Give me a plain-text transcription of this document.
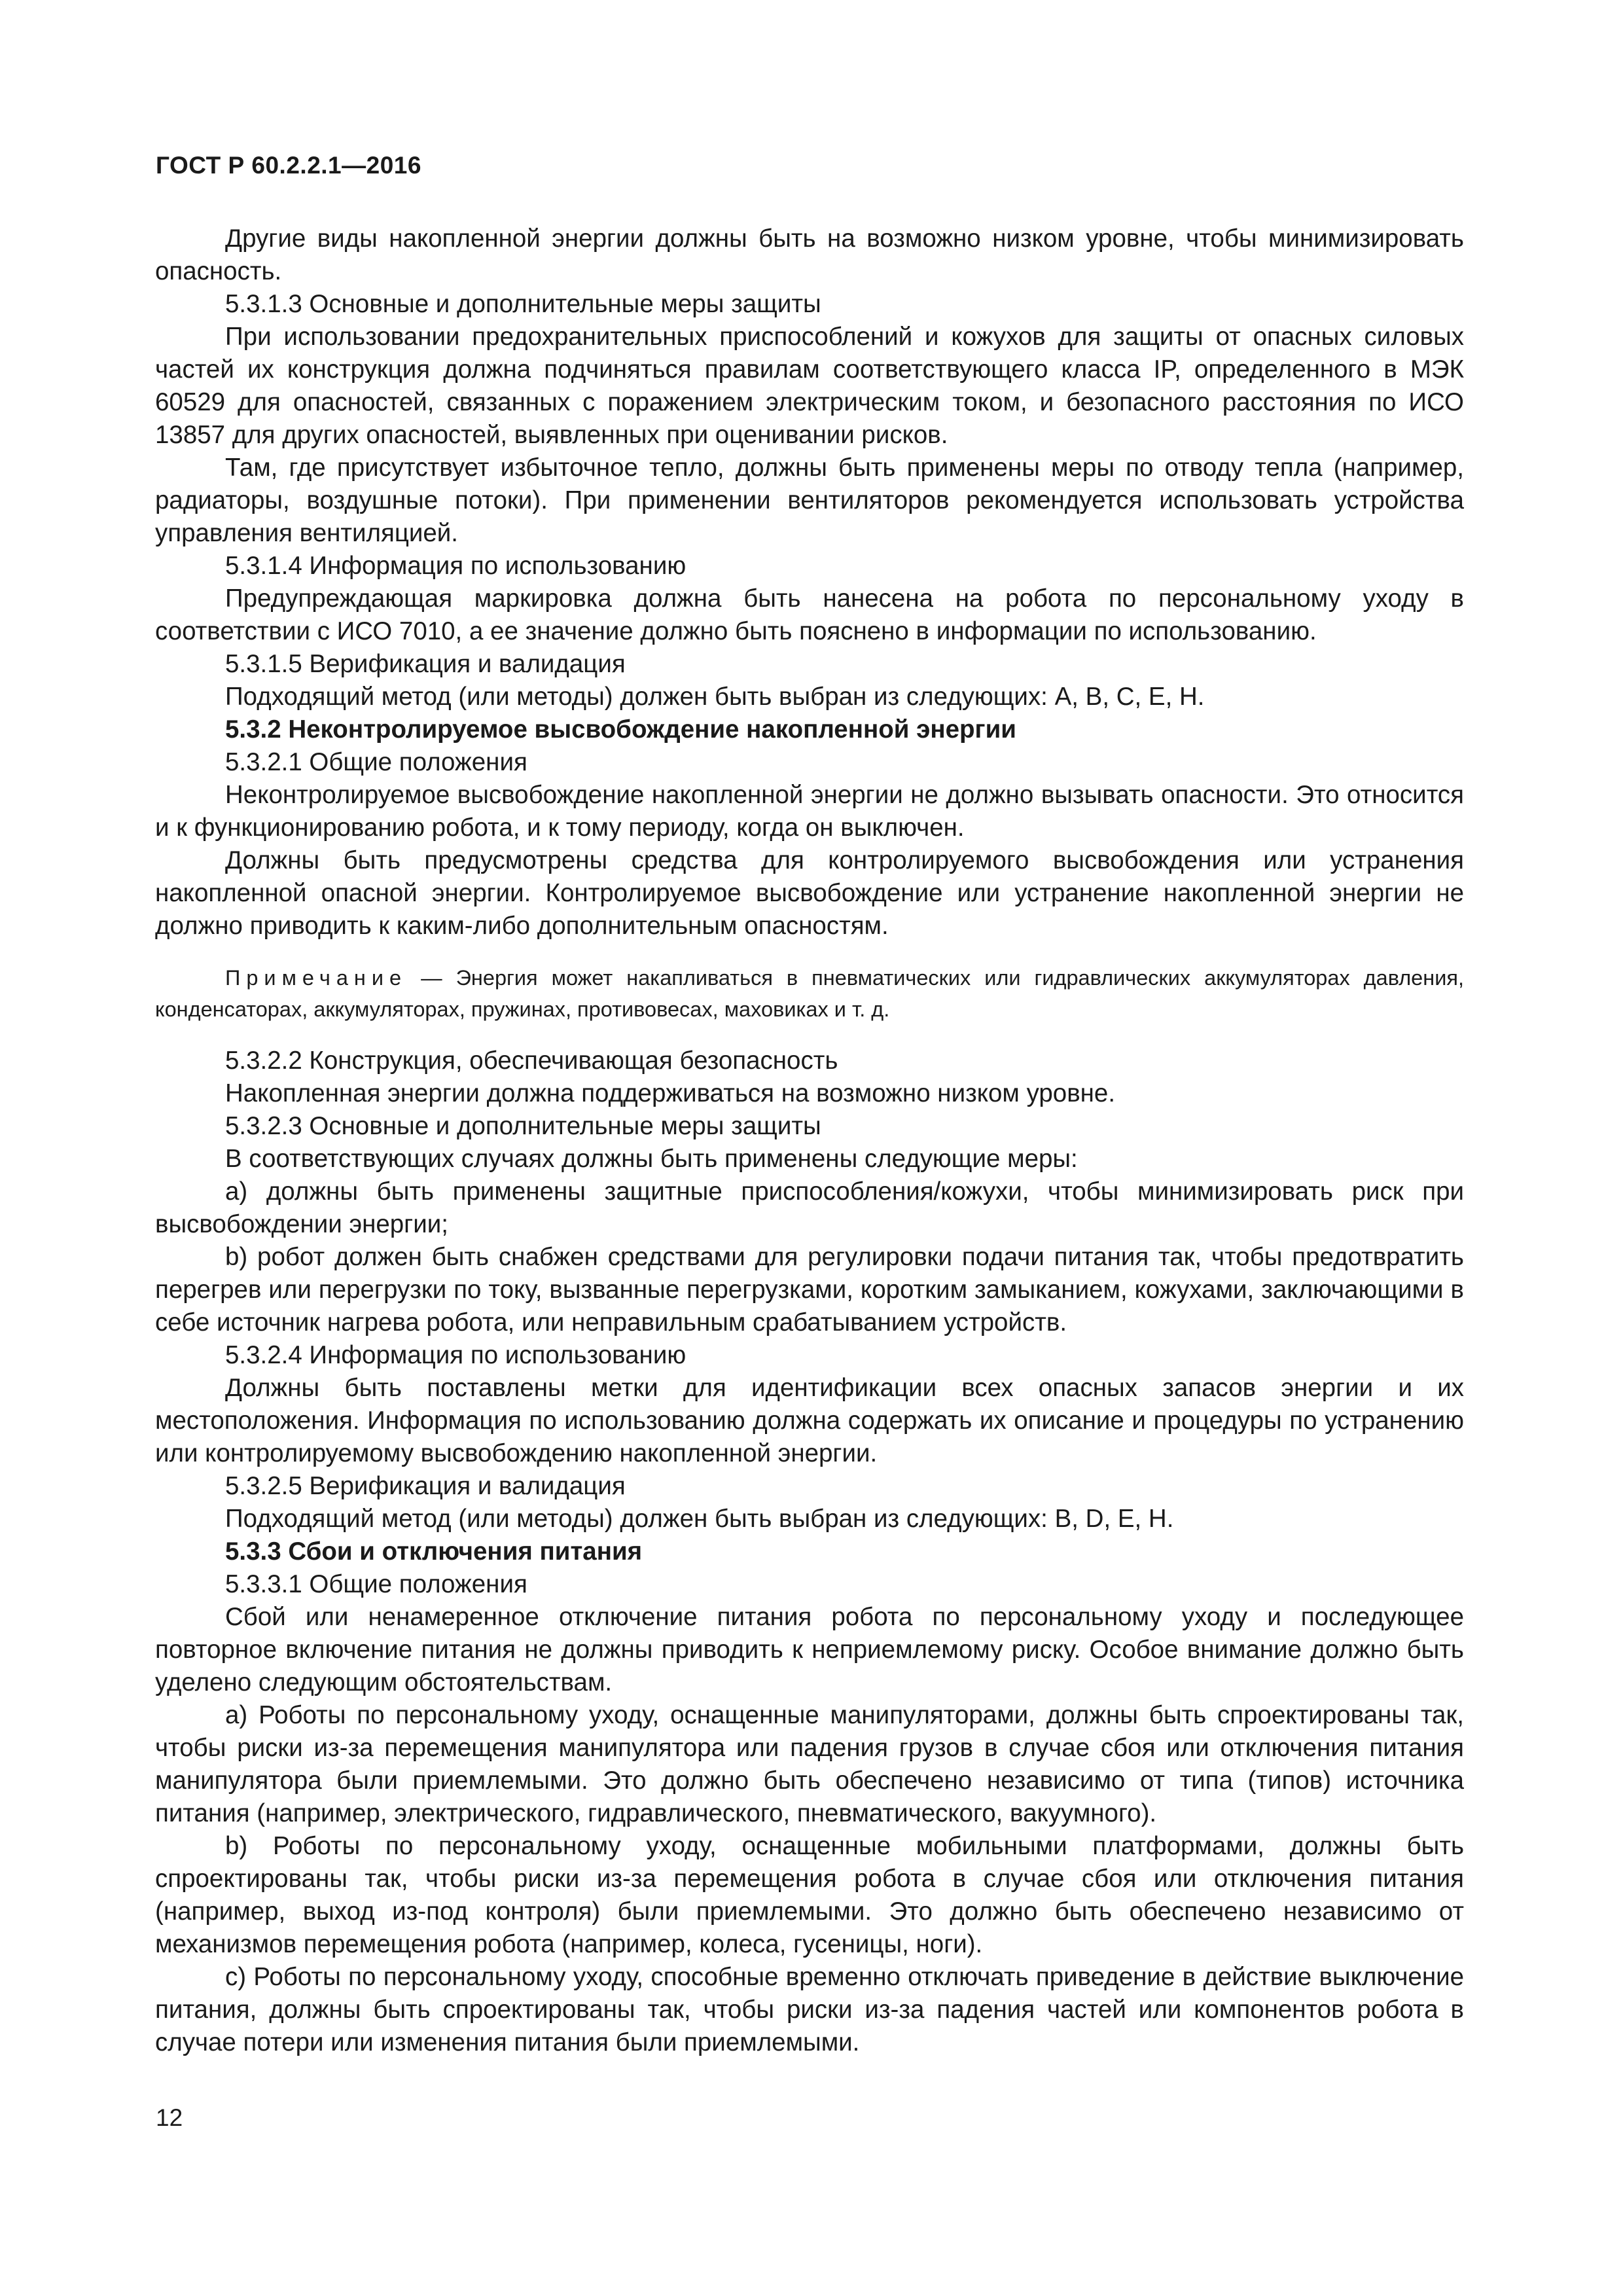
ГОСТ Р 60.2.2.1—2016

Другие виды накопленной энергии должны быть на возможно низком уровне, чтобы минимизировать опасность.

5.3.1.3 Основные и дополнительные меры защиты

При использовании предохранительных приспособлений и кожухов для защиты от опасных силовых частей их конструкция должна подчиняться правилам соответствующего класса IP, определенного в МЭК 60529 для опасностей, связанных с поражением электрическим током, и безопасного расстояния по ИСО 13857 для других опасностей, выявленных при оценивании рисков.

Там, где присутствует избыточное тепло, должны быть применены меры по отводу тепла (например, радиаторы, воздушные потоки). При применении вентиляторов рекомендуется использовать устройства управления вентиляцией.

5.3.1.4 Информация по использованию

Предупреждающая маркировка должна быть нанесена на робота по персональному уходу в соответствии с ИСО 7010, а ее значение должно быть пояснено в информации по использованию.

5.3.1.5 Верификация и валидация

Подходящий метод (или методы) должен быть выбран из следующих: A, B, C, E, H.

5.3.2 Неконтролируемое высвобождение накопленной энергии

5.3.2.1 Общие положения

Неконтролируемое высвобождение накопленной энергии не должно вызывать опасности. Это относится и к функционированию робота, и к тому периоду, когда он выключен.

Должны быть предусмотрены средства для контролируемого высвобождения или устранения накопленной опасной энергии. Контролируемое высвобождение или устранение накопленной энергии не должно приводить к каким-либо дополнительным опасностям.

Примечание — Энергия может накапливаться в пневматических или гидравлических аккумуляторах давления, конденсаторах, аккумуляторах, пружинах, противовесах, маховиках и т. д.

5.3.2.2 Конструкция, обеспечивающая безопасность

Накопленная энергии должна поддерживаться на возможно низком уровне.

5.3.2.3 Основные и дополнительные меры защиты

В соответствующих случаях должны быть применены следующие меры:

a) должны быть применены защитные приспособления/кожухи, чтобы минимизировать риск при высвобождении энергии;

b) робот должен быть снабжен средствами для регулировки подачи питания так, чтобы предотвратить перегрев или перегрузки по току, вызванные перегрузками, коротким замыканием, кожухами, заключающими в себе источник нагрева робота, или неправильным срабатыванием устройств.

5.3.2.4 Информация по использованию

Должны быть поставлены метки для идентификации всех опасных запасов энергии и их местоположения. Информация по использованию должна содержать их описание и процедуры по устранению или контролируемому высвобождению накопленной энергии.

5.3.2.5 Верификация и валидация

Подходящий метод (или методы) должен быть выбран из следующих: B, D, E, H.

5.3.3 Сбои и отключения питания

5.3.3.1 Общие положения

Сбой или ненамеренное отключение питания робота по персональному уходу и последующее повторное включение питания не должны приводить к неприемлемому риску. Особое внимание должно быть уделено следующим обстоятельствам.

a) Роботы по персональному уходу, оснащенные манипуляторами, должны быть спроектированы так, чтобы риски из-за перемещения манипулятора или падения грузов в случае сбоя или отключения питания манипулятора были приемлемыми. Это должно быть обеспечено независимо от типа (типов) источника питания (например, электрического, гидравлического, пневматического, вакуумного).

b) Роботы по персональному уходу, оснащенные мобильными платформами, должны быть спроектированы так, чтобы риски из-за перемещения робота в случае сбоя или отключения питания (например, выход из-под контроля) были приемлемыми. Это должно быть обеспечено независимо от механизмов перемещения робота (например, колеса, гусеницы, ноги).

c) Роботы по персональному уходу, способные временно отключать приведение в действие выключение питания, должны быть спроектированы так, чтобы риски из-за падения частей или компонентов робота в случае потери или изменения питания были приемлемыми.

12
